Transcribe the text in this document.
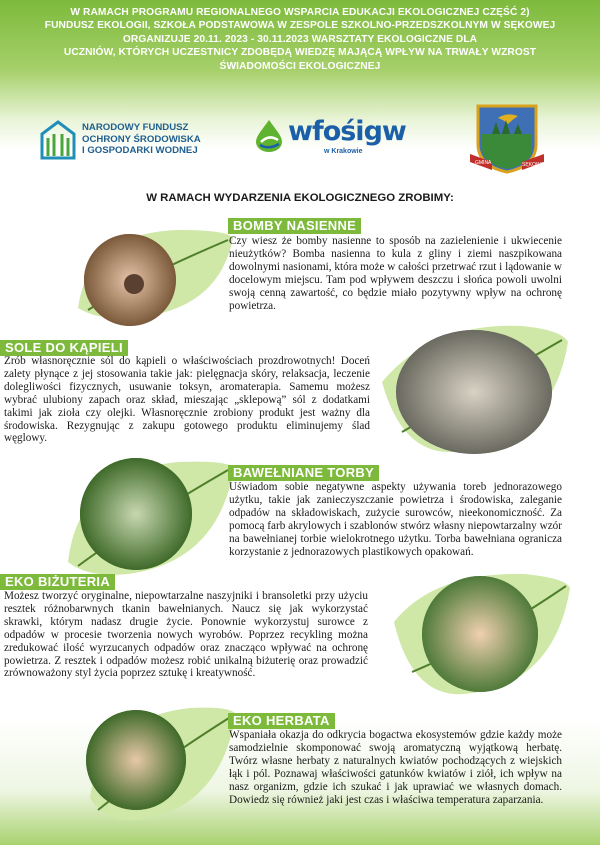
W RAMACH PROGRAMU REGIONALNEGO WSPARCIA EDUKACJI EKOLOGICZNEJ CZĘŚĆ 2)
FUNDUSZ EKOLOGII, SZKOŁA PODSTAWOWA W ZESPOLE SZKOLNO-PRZEDSZKOLNYM W SĘKOWEJ
ORGANIZUJE 20.11. 2023 - 30.11.2023 WARSZTATY EKOLOGICZNE DLA
UCZNIÓW, KTÓRYCH UCZESTNICY ZDOBĘDĄ WIEDZĘ MAJĄCĄ WPŁYW NA TRWAŁY WZROST
ŚWIADOMOŚCI EKOLOGICZNEJ
NARODOWY FUNDUSZ
OCHRONY ŚRODOWISKA
I GOSPODARKI WODNEJ
wfośigw
w Krakowie
GMINA	SĘKOWA
W RAMACH WYDARZENIA EKOLOGICZNEGO ZROBIMY:
BOMBY NASIENNE
Czy wiesz że bomby nasienne to sposób na zazielenienie i ukwiecenie nieużytków? Bomba nasienna to kula z gliny i ziemi naszpikowana dowolnymi nasionami, która może w całości przetrwać rzut i lądowanie w docelowym miejscu. Tam pod wpływem deszczu i słońca powoli uwolni swoją cenną zawartość, co będzie miało pozytywny wpływ na ochronę powietrza.
SOLE DO KĄPIELI
Zrób własnoręcznie sól do kąpieli o właściwościach prozdrowotnych! Doceń zalety płynące z jej stosowania takie jak: pielęgnacja skóry, relaksacja, leczenie dolegliwości fizycznych, usuwanie toksyn, aromaterapia. Samemu możesz wybrać ulubiony zapach oraz skład, mieszając „sklepową” sól z dodatkami takimi jak zioła czy olejki. Własnoręcznie zrobiony produkt jest ważny dla środowiska. Rezygnując z zakupu gotowego produktu eliminujemy ślad węglowy.
BAWEŁNIANE TORBY
Uświadom sobie negatywne aspekty używania toreb jednorazowego użytku, takie jak zanieczyszczanie powietrza i środowiska, zaleganie odpadów na składowiskach, zużycie surowców, nieekonomiczność. Za pomocą farb akrylowych i szablonów stwórz własny niepowtarzalny wzór na bawełnianej torbie wielokrotnego użytku. Torba bawełniana ogranicza korzystanie z jednorazowych plastikowych opakowań.
EKO BIŻUTERIA
Możesz tworzyć oryginalne, niepowtarzalne naszyjniki i bransoletki przy użyciu resztek różnobarwnych tkanin bawełnianych. Naucz się jak wykorzystać skrawki, którym nadasz drugie życie. Ponownie wykorzystuj surowce z odpadów w procesie tworzenia nowych wyrobów. Poprzez recykling można zredukować ilość wyrzucanych odpadów oraz znacząco wpływać na ochronę powietrza. Z resztek i odpadów możesz robić unikalną biżuterię oraz prowadzić zrównoważony styl życia poprzez sztukę i kreatywność.
EKO HERBATA
Wspaniała okazja do odkrycia bogactwa ekosystemów gdzie każdy może samodzielnie skomponować swoją aromatyczną wyjątkową herbatę. Twórz własne herbaty z naturalnych kwiatów pochodzących z wiejskich łąk i pól. Poznawaj właściwości gatunków kwiatów i ziół, ich wpływ na nasz organizm, gdzie ich szukać i jak uprawiać we własnych domach. Dowiedz się również jaki jest czas i właściwa temperatura zaparzania.
